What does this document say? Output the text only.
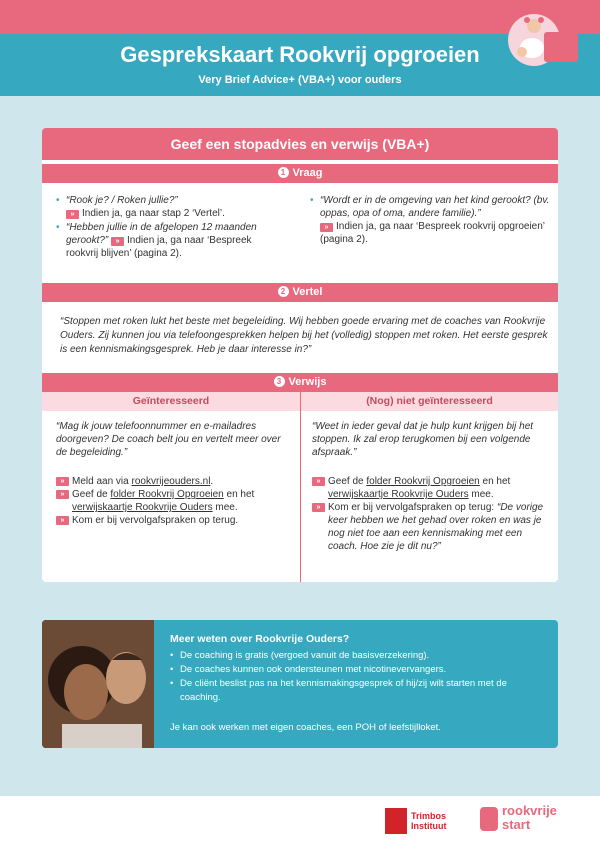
Gesprekskaart Rookvrij opgroeien
Very Brief Advice+ (VBA+) voor ouders
Geef een stopadvies en verwijs (VBA+)
1 Vraag
• “Rook je? / Roken jullie?”
» Indien ja, ga naar stap 2 ‘Vertel’.
• “Hebben jullie in de afgelopen 12 maanden gerookt?” » Indien ja, ga naar ‘Bespreek rookvrij blijven’ (pagina 2).
• “Wordt er in de omgeving van het kind gerookt? (bv. oppas, opa of oma, andere familie).”
» Indien ja, ga naar ‘Bespreek rookvrij opgroeien’ (pagina 2).
2 Vertel
“Stoppen met roken lukt het beste met begeleiding. Wij hebben goede ervaring met de coaches van Rookvrije Ouders. Zij kunnen jou via telefoongesprekken helpen bij het (volledig) stoppen met roken. Het eerste gesprek is een kennismakingsgesprek. Heb je daar interesse in?”
3 Verwijs
Geïnteresseerd	(Nog) niet geïnteresseerd
“Mag ik jouw telefoonnummer en e-mailadres doorgeven? De coach belt jou en vertelt meer over de begeleiding.”
» Meld aan via rookvrijeouders.nl.
» Geef de folder Rookvrij Opgroeien en het verwijskaartje Rookvrije Ouders mee.
» Kom er bij vervolgafspraken op terug.
“Weet in ieder geval dat je hulp kunt krijgen bij het stoppen. Ik zal erop terugkomen bij een volgende afspraak.”
» Geef de folder Rookvrij Opgroeien en het verwijskaartje Rookvrije Ouders mee.
» Kom er bij vervolgafspraken op terug: “De vorige keer hebben we het gehad over roken en was je nog niet toe aan een kennismaking met een coach. Hoe zie je dit nu?”
Meer weten over Rookvrije Ouders?
• De coaching is gratis (vergoed vanuit de basisverzekering).
• De coaches kunnen ook ondersteunen met nicotinevervangers.
• De cliënt beslist pas na het kennismakingsgesprek of hij/zij wilt starten met de coaching.
Je kan ook werken met eigen coaches, een POH of leefstijlloket.
Trimbos
Instituut
rookvrije
start
